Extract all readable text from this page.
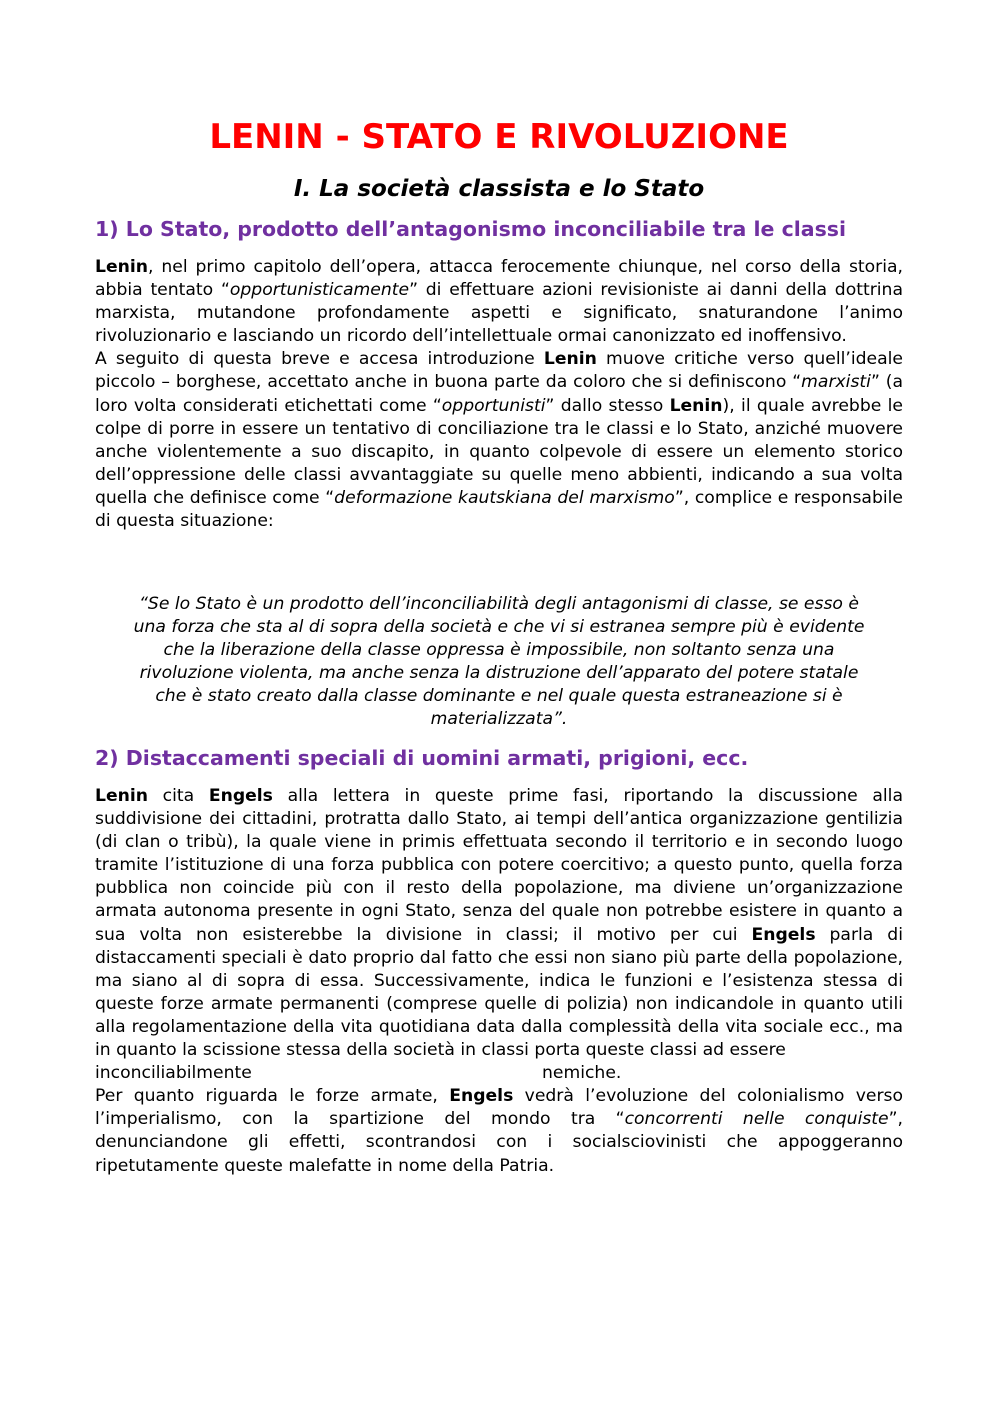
LENIN - STATO E RIVOLUZIONE
I. La società classista e lo Stato
1) Lo Stato, prodotto dell’antagonismo inconciliabile tra le classi

Lenin, nel primo capitolo dell’opera, attacca ferocemente chiunque, nel corso della storia, abbia tentato “opportunisticamente” di effettuare azioni revisioniste ai danni della dottrina marxista, mutandone profondamente aspetti e significato, snaturandone l’animo rivoluzionario e lasciando un ricordo dell’intellettuale ormai canonizzato ed inoffensivo.

A seguito di questa breve e accesa introduzione Lenin muove critiche verso quell’ideale piccolo – borghese, accettato anche in buona parte da coloro che si definiscono “marxisti” (a loro volta considerati etichettati come “opportunisti” dallo stesso Lenin), il quale avrebbe le colpe di porre in essere un tentativo di conciliazione tra le classi e lo Stato, anziché muovere anche violentemente a suo discapito, in quanto colpevole di essere un elemento storico dell’oppressione delle classi avvantaggiate su quelle meno abbienti, indicando a sua volta quella che definisce come “deformazione kautskiana del marxismo”, complice e responsabile di questa situazione:

“Se lo Stato è un prodotto dell’inconciliabilità degli antagonismi di classe, se esso è
una forza che sta al di sopra della società e che vi si estranea sempre più è evidente
che la liberazione della classe oppressa è impossibile, non soltanto senza una
rivoluzione violenta, ma anche senza la distruzione dell’apparato del potere statale
che è stato creato dalla classe dominante e nel quale questa estraneazione si è
materializzata”.
2) Distaccamenti speciali di uomini armati, prigioni, ecc.

Lenin cita Engels alla lettera in queste prime fasi, riportando la discussione alla suddivisione dei cittadini, protratta dallo Stato, ai tempi dell’antica organizzazione gentilizia (di clan o tribù), la quale viene in primis effettuata secondo il territorio e in secondo luogo tramite l’istituzione di una forza pubblica con potere coercitivo; a questo punto, quella forza pubblica non coincide più con il resto della popolazione, ma diviene un’organizzazione armata autonoma presente in ogni Stato, senza del quale non potrebbe esistere in quanto a sua volta non esisterebbe la divisione in classi; il motivo per cui Engels parla di distaccamenti speciali è dato proprio dal fatto che essi non siano più parte della popolazione, ma siano al di sopra di essa. Successivamente, indica le funzioni e l’esistenza stessa di queste forze armate permanenti (comprese quelle di polizia) non indicandole in quanto utili alla regolamentazione della vita quotidiana data dalla complessità della vita sociale ecc., ma in quanto la scissione stessa della società in classi porta queste classi ad essere

inconciliabilmente	nemiche.

Per quanto riguarda le forze armate, Engels vedrà l’evoluzione del colonialismo verso l’imperialismo, con la spartizione del mondo tra “concorrenti nelle conquiste”, denunciandone gli effetti, scontrandosi con i socialsciovinisti che appoggeranno ripetutamente queste malefatte in nome della Patria.
